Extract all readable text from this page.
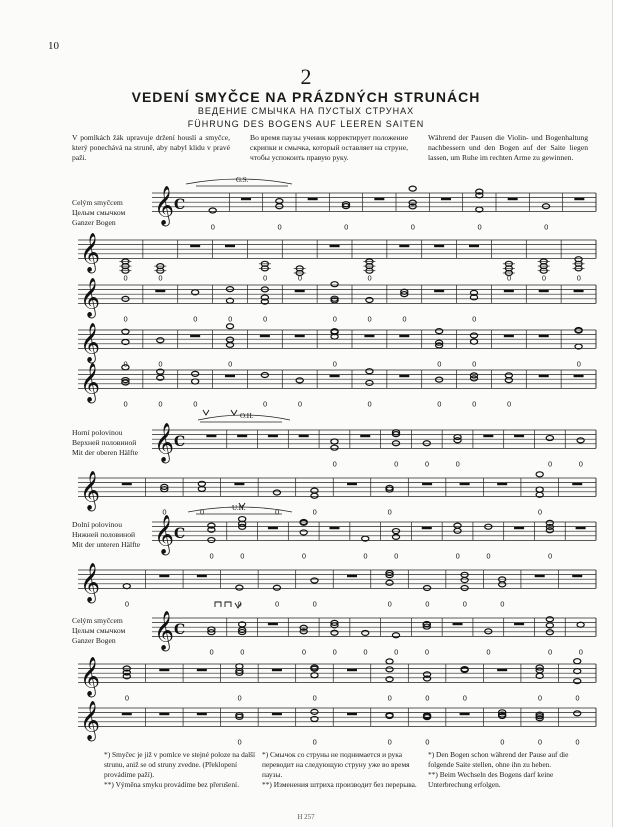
10
2
VEDENÍ SMYČCE NA PRÁZDNÝCH STRUNÁCH
ВЕДЕНИЕ СМЫЧКА НА ПУСТЫХ СТРУНАХ
FÜHRUNG DES BOGENS AUF LEEREN SAITEN
V pomlkách žák upravuje držení houslí a smyčce, který ponechává na struně, aby nabyl klidu v pravé paži.
Во время паузы ученик корректирует положение скрипки и смычка, который оставляет на струне, чтобы успокоить правую руку.
Während der Pausen die Violin- und Bogenhaltung nachbessern und den Bogen auf der Saite liegen lassen, um Ruhe im rechten Arme zu gewinnen.
Celým smyčcem
Целым смычком
Ganzer Bogen
Horní polovinou
Верхней половиной
Mit der oberen Hälfte
Dolní polovinou
Нижней половиной
Mit der unteren Hälfte
Celým smyčcem
Целым смычком
Ganzer Bogen
𝄞 C
0	0	0	0	0	0
𝄞
0	0	0	0	0	0	0	0
𝄞
0	0	0	0	0	0	0	0
𝄞
0	0	0	0	0	0	0
𝄞
0	0	0	0	0	0	0	0	0
𝄞 C
0	0	0	0	0	0
𝄞
0	0	0	0	0	0
𝄞 C
0	0	0	0	0	0	0	0
𝄞
0	0	0	0	0	0	0	0
𝄞 C
0	0	0	0	0	0	0	0	0	0
𝄞
0	0	0	0	0	0	0	0
𝄞
0	0	0	0	0	0	0
G.S.
O.H.
U.H.
*) Smyčec je již v pomlce ve stejné poloze na další strunu, aniž se od struny zvedne. (Překlopení provádíme paží).
**) Výměna smyku provádíme bez přerušení.
*) Смычок со струны не поднимается и рука переводит на следующую струну уже во время паузы.
**) Изменения штриха производит без перерыва.
*) Den Bogen schon während der Pause auf die folgende Saite stellen, ohne ihn zu heben.
**) Beim Wechseln des Bogens darf keine Unterbrechung erfolgen.
H 257
